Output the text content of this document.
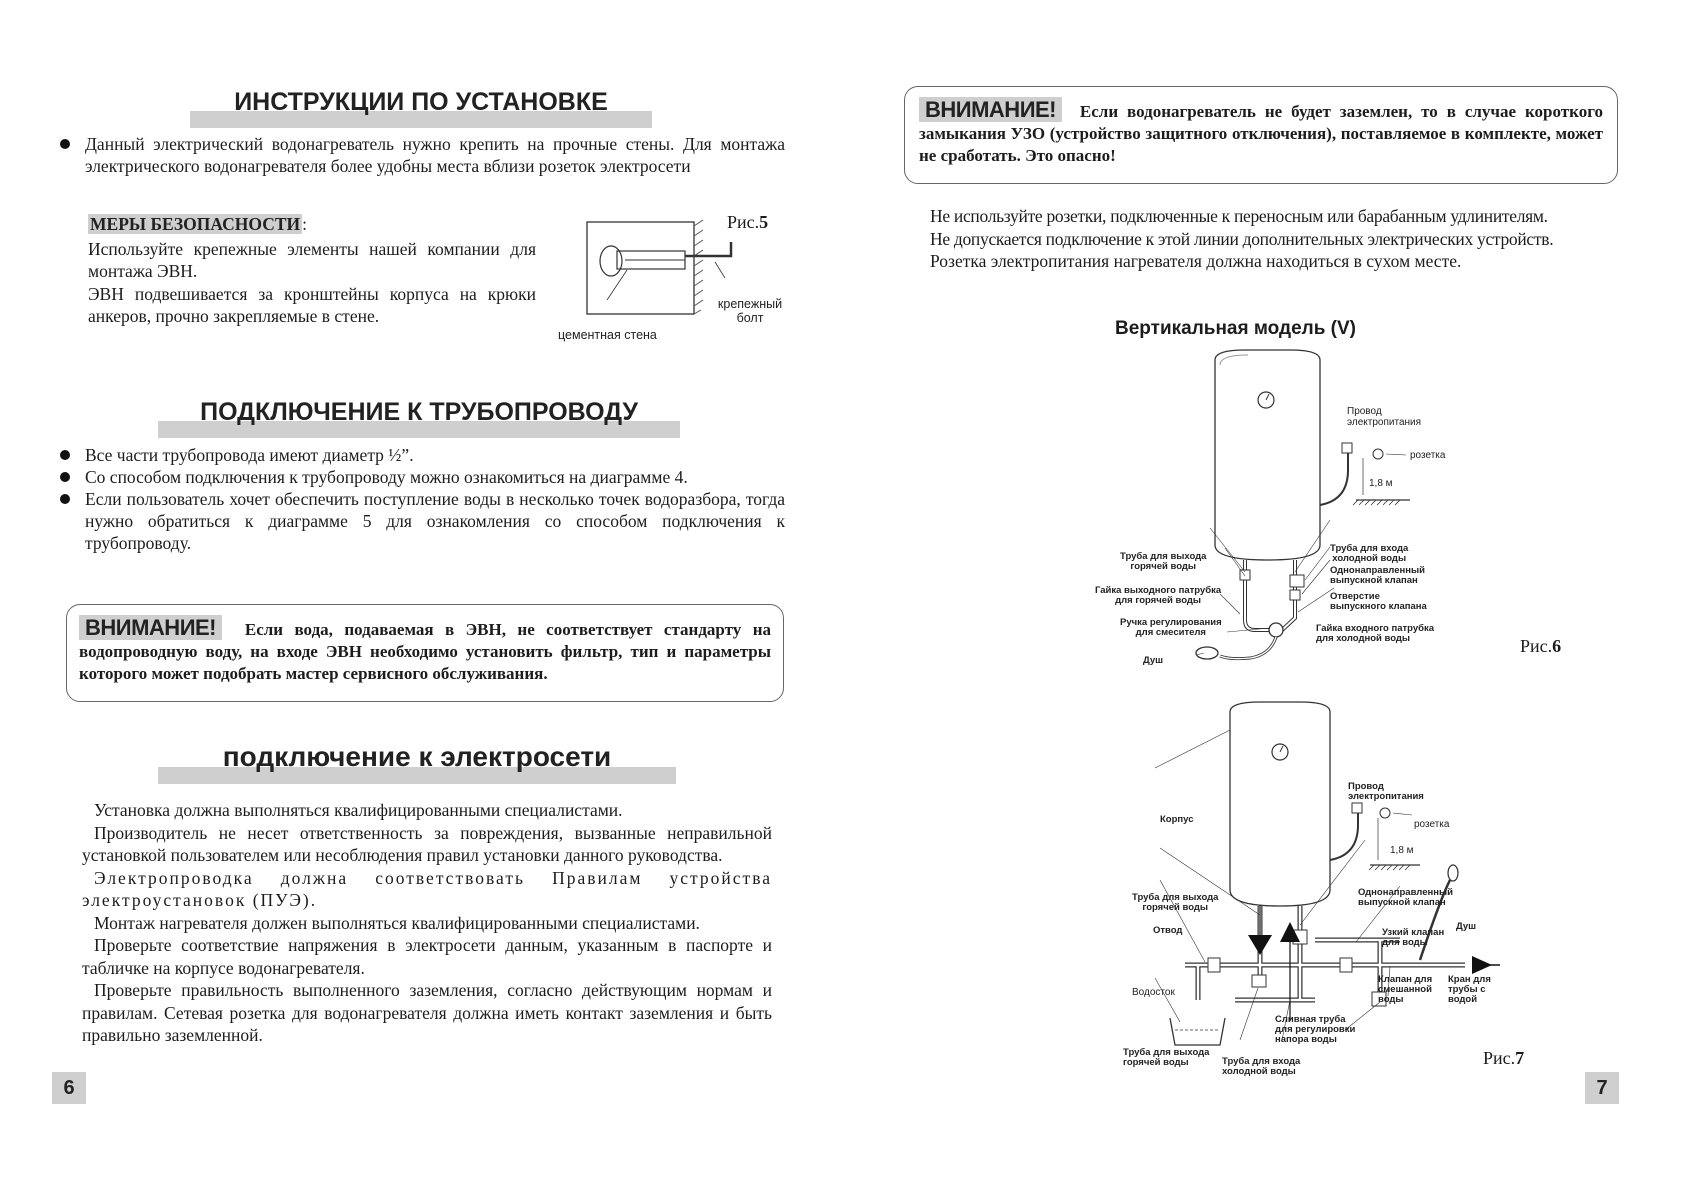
ИНСТРУКЦИИ ПО УСТАНОВКЕ
Данный электрический водонагреватель нужно крепить на прочные стены. Для монтажа электрического водонагревателя более удобны места вблизи розеток электросети

МЕРЫ БЕЗОПАСНОСТИ :

Используйте крепежные элементы нашей компании для монтажа ЭВН.

ЭВН подвешивается за кронштейны корпуса на крюки анкеров, прочно закрепляемые в стене.

Рис.5
крепежный
болт
цементная стена
ПОДКЛЮЧЕНИЕ К ТРУБОПРОВОДУ
Все части трубопровода имеют диаметр ½”.
Со способом подключения к трубопроводу можно ознакомиться на диаграмме 4.
Если пользователь хочет обеспечить поступление воды в несколько точек водоразбора, тогда нужно обратиться к диаграмме 5 для ознакомления со способом подключения к трубопроводу.
ВНИМАНИЕ! Если вода, подаваемая в ЭВН, не соответствует стандарту на водопроводную воду, на входе ЭВН необходимо установить фильтр, тип и параметры которого может подобрать мастер сервисного обслуживания.
подключение к электросети

Установка должна выполняться квалифицированными специалистами.

Производитель не несет ответственность за повреждения, вызванные неправильной установкой пользователем или несоблюдения правил установки данного руководства.

Электропроводка должна соответствовать Правилам устройства электроустановок (ПУЭ).

Монтаж нагревателя должен выполняться квалифицированными специалистами.

Проверьте соответствие напряжения в электросети данным, указанным в паспорте и табличке на корпусе водонагревателя.

Проверьте правильность выполненного заземления, согласно действующим нормам и правилам. Сетевая розетка для водонагревателя должна иметь контакт заземления и быть правильно заземленной.

6
ВНИМАНИЕ! Если водонагреватель не будет заземлен, то в случае короткого замыкания УЗО (устройство защитного отключения), поставляемое в комплекте, может не сработать. Это опасно!

Не используйте розетки, подключенные к переносным или барабанным удлинителям.

Не допускается подключение к этой линии дополнительных электрических устройств.

Розетка электропитания нагревателя должна находиться в сухом месте.

Вертикальная модель (V)
Провод
электропитания
розетка
1,8 м
Труба для входа
холодной воды
Труба для выхода
горячей воды	Однонаправленный
выпускной клапан
Гайка выходного патрубка
для горячей воды	Отверстие
выпускного клапана
Ручка регулирования
для смесителя	Гайка входного патрубка
для холодной воды
Душ
Рис.6
Корпус
Провод
электропитания
розетка
1,8 м
Труба для выхода
горячей воды
Однонаправленный
выпускной клапан
Отвод	Душ
Узкий клапан
для воды
Клапан для
смешанной
воды
Кран для
трубы с
водой
Водосток
Сливная труба
для регулировки
напора воды
Труба для выхода
горячей воды	Труба для входа
холодной воды
Рис.7
7
